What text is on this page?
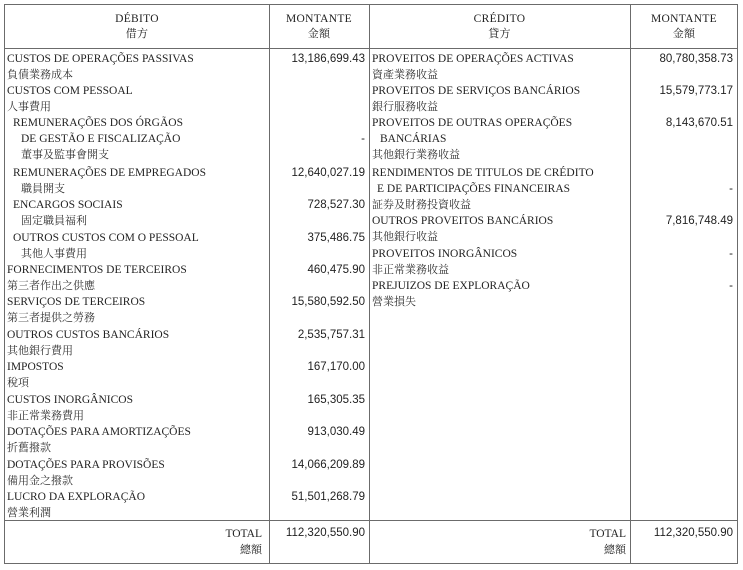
DÉBITO
借方
MONTANTE
金額
CRÉDITO
貸方
MONTANTE
金額
CUSTOS DE OPERAÇÕES PASSIVAS
負債業務成本
13,186,699.43
CUSTOS COM PESSOAL
人事費用
REMUNERAÇÕES DOS ÓRGÃOS
DE GESTÃO E FISCALIZAÇÃO
董事及監事會開支
-
REMUNERAÇÕES DE EMPREGADOS
職員開支
12,640,027.19
ENCARGOS SOCIAIS
固定職員福利
728,527.30
OUTROS CUSTOS COM O PESSOAL
其他人事費用
375,486.75
FORNECIMENTOS DE TERCEIROS
第三者作出之供應
460,475.90
SERVIÇOS DE TERCEIROS
第三者提供之勞務
15,580,592.50
OUTROS CUSTOS BANCÁRIOS
其他銀行費用
2,535,757.31
IMPOSTOS
稅項
167,170.00
CUSTOS INORGÂNICOS
非正常業務費用
165,305.35
DOTAÇÕES PARA AMORTIZAÇÕES
折舊撥款
913,030.49
DOTAÇÕES PARA PROVISÕES
備用金之撥款
14,066,209.89
LUCRO DA EXPLORAÇÃO
營業利潤
51,501,268.79
PROVEITOS DE OPERAÇÕES ACTIVAS
資產業務收益
80,780,358.73
PROVEITOS DE SERVIÇOS BANCÁRIOS
銀行服務收益
15,579,773.17
PROVEITOS DE OUTRAS OPERAÇÕES
BANCÁRIAS
其他銀行業務收益
8,143,670.51
RENDIMENTOS DE TITULOS DE CRÉDITO
E DE PARTICIPAÇÕES FINANCEIRAS
証券及財務投資收益
-
OUTROS PROVEITOS BANCÁRIOS
其他銀行收益
7,816,748.49
PROVEITOS INORGÂNICOS
非正常業務收益
-
PREJUIZOS DE EXPLORAÇÃO
營業損失
-
TOTAL
總額
112,320,550.90	TOTAL
總額
112,320,550.90
